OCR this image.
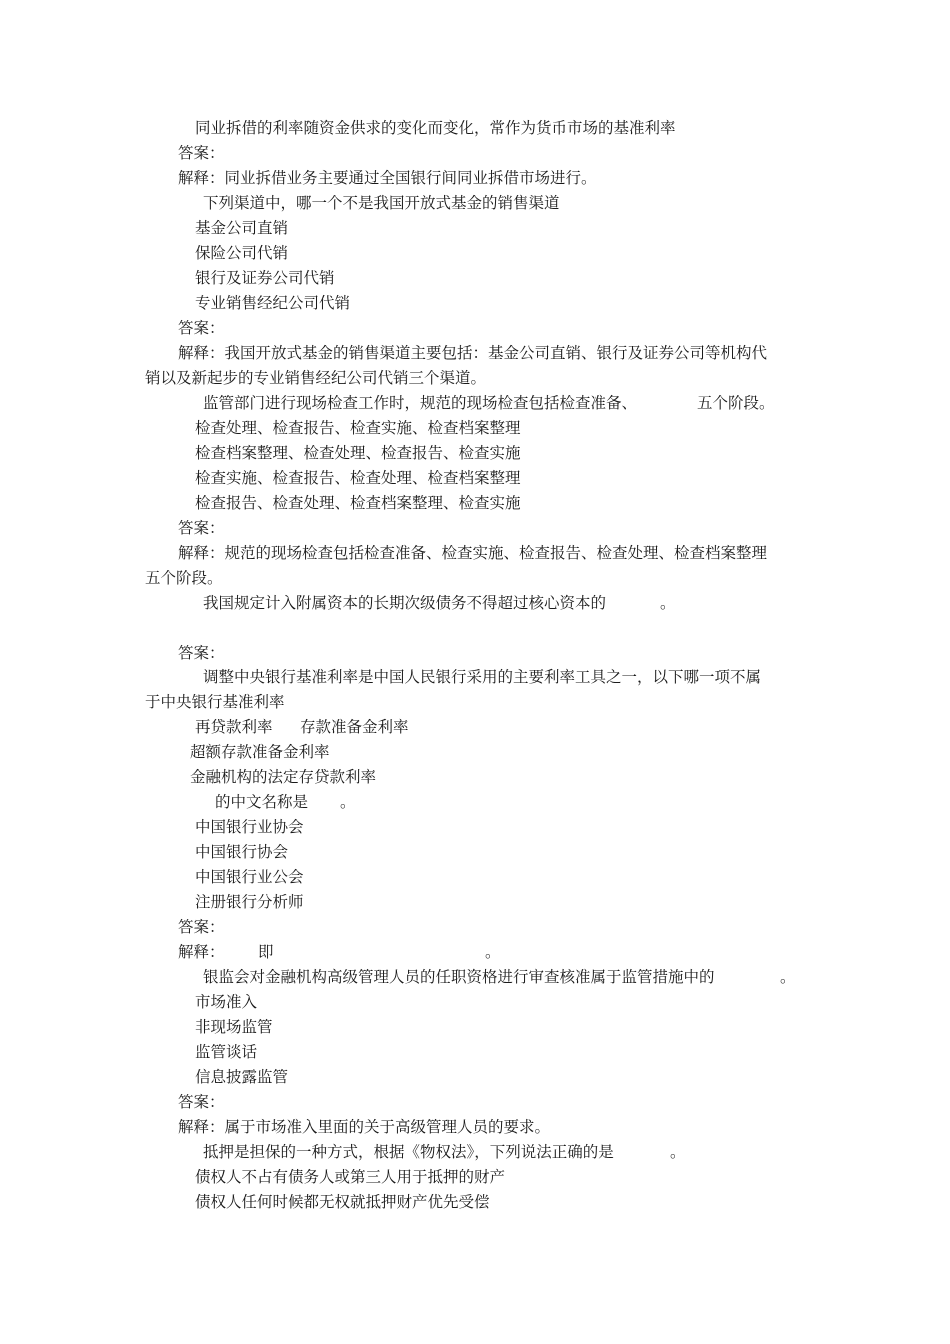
同业拆借的利率随资金供求的变化而变化，常作为货币市场的基准利率
答案：
解释：同业拆借业务主要通过全国银行间同业拆借市场进行。
下列渠道中，哪一个不是我国开放式基金的销售渠道
基金公司直销
保险公司代销
银行及证券公司代销
专业销售经纪公司代销
答案：
解释：我国开放式基金的销售渠道主要包括：基金公司直销、银行及证券公司等机构代
销以及新起步的专业销售经纪公司代销三个渠道。
监管部门进行现场检查工作时，规范的现场检查包括检查准备、	五个阶段。
检查处理、检查报告、检查实施、检查档案整理
检查档案整理、检查处理、检查报告、检查实施
检查实施、检查报告、检查处理、检查档案整理
检查报告、检查处理、检查档案整理、检查实施
答案：
解释：规范的现场检查包括检查准备、检查实施、检查报告、检查处理、检查档案整理
五个阶段。
我国规定计入附属资本的长期次级债务不得超过核心资本的	。
答案：
调整中央银行基准利率是中国人民银行采用的主要利率工具之一，以下哪一项不属
于中央银行基准利率
再贷款利率 存款准备金利率
超额存款准备金利率
金融机构的法定存贷款利率
的中文名称是 。
中国银行业协会
中国银行协会
中国银行业公会
注册银行分析师
答案：
解释： 即	。
银监会对金融机构高级管理人员的任职资格进行审查核准属于监管措施中的	。
市场准入
非现场监管
监管谈话
信息披露监管
答案：
解释：属于市场准入里面的关于高级管理人员的要求。
抵押是担保的一种方式，根据《物权法》，下列说法正确的是	。
债权人不占有债务人或第三人用于抵押的财产
债权人任何时候都无权就抵押财产优先受偿
